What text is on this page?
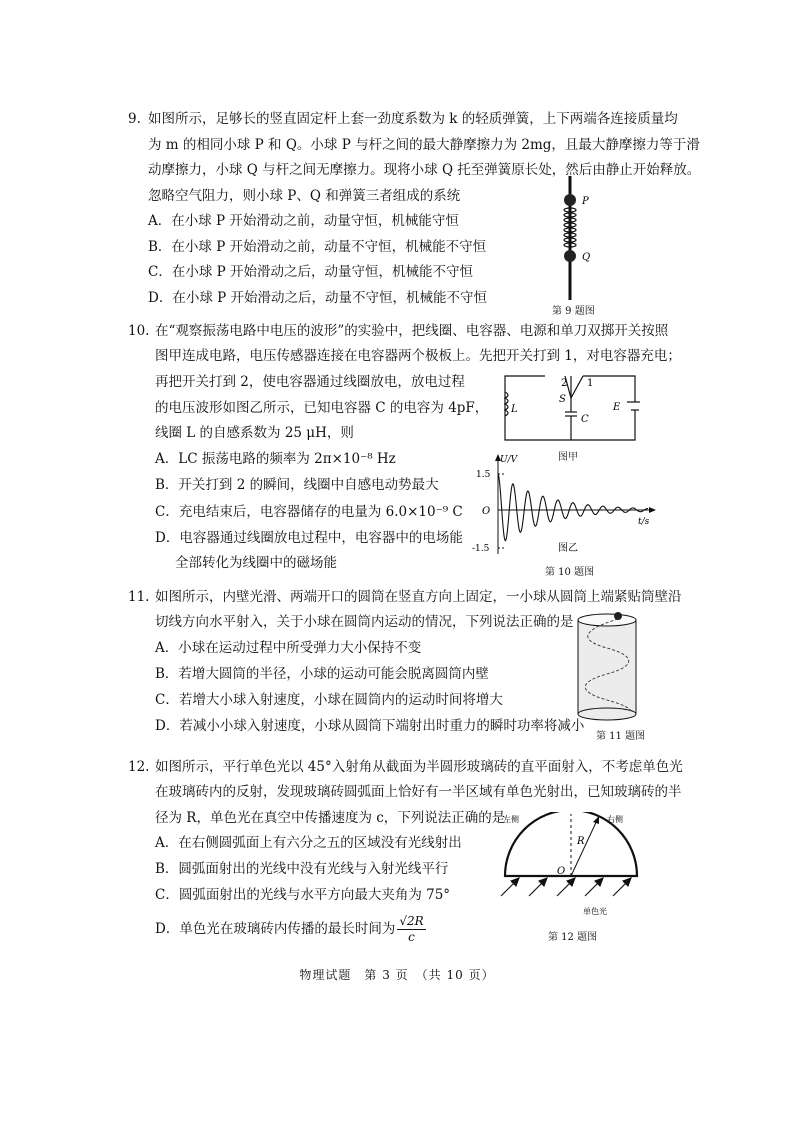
9. 如图所示，足够长的竖直固定杆上套一劲度系数为 k 的轻质弹簧，上下两端各连接质量均
为 m 的相同小球 P 和 Q。小球 P 与杆之间的最大静摩擦力为 2mg，且最大静摩擦力等于滑
动摩擦力，小球 Q 与杆之间无摩擦力。现将小球 Q 托至弹簧原长处，然后由静止开始释放。
忽略空气阻力，则小球 P、Q 和弹簧三者组成的系统
A．在小球 P 开始滑动之前，动量守恒，机械能守恒
B．在小球 P 开始滑动之前，动量不守恒，机械能不守恒
C．在小球 P 开始滑动之后，动量守恒，机械能不守恒
D．在小球 P 开始滑动之后，动量不守恒，机械能不守恒
P
Q
第 9 题图
10. 在“观察振荡电路中电压的波形”的实验中，把线圈、电容器、电源和单刀双掷开关按照
图甲连成电路，电压传感器连接在电容器两个极板上。先把开关打到 1，对电容器充电；
再把开关打到 2，使电容器通过线圈放电，放电过程
的电压波形如图乙所示，已知电容器 C 的电容为 4pF，
线圈 L 的自感系数为 25 μH，则
A．LC 振荡电路的频率为 2π×10⁻⁸ Hz
B．开关打到 2 的瞬间，线圈中自感电动势最大
C．充电结束后，电容器储存的电量为 6.0×10⁻⁹ C
D．电容器通过线圈放电过程中，电容器中的电场能
全部转化为线圈中的磁场能
L
S
C
E
2 1
图甲
U/V
t/s
O
1.5
-1.5	图乙
第 10 题图
11. 如图所示，内壁光滑、两端开口的圆筒在竖直方向上固定，一小球从圆筒上端紧贴筒壁沿
切线方向水平射入，关于小球在圆筒内运动的情况，下列说法正确的是
A．小球在运动过程中所受弹力大小保持不变
B．若增大圆筒的半径，小球的运动可能会脱离圆筒内壁
C．若增大小球入射速度，小球在圆筒内的运动时间将增大
D．若减小小球入射速度，小球从圆筒下端射出时重力的瞬时功率将减小
第 11 题图
12. 如图所示，平行单色光以 45°入射角从截面为半圆形玻璃砖的直平面射入，不考虑单色光
在玻璃砖内的反射，发现玻璃砖圆弧面上恰好有一半区域有单色光射出，已知玻璃砖的半
径为 R，单色光在真空中传播速度为 c，下列说法正确的是
A．在右侧圆弧面上有六分之五的区域没有光线射出
B．圆弧面射出的光线中没有光线与入射光线平行
C．圆弧面射出的光线与水平方向最大夹角为 75°
D．单色光在玻璃砖内传播的最长时间为 $\frac{√2R}{c}$
左侧	右侧
R
O
单色光
第 12 题图
物理试题　第 3 页　（共 10 页）
